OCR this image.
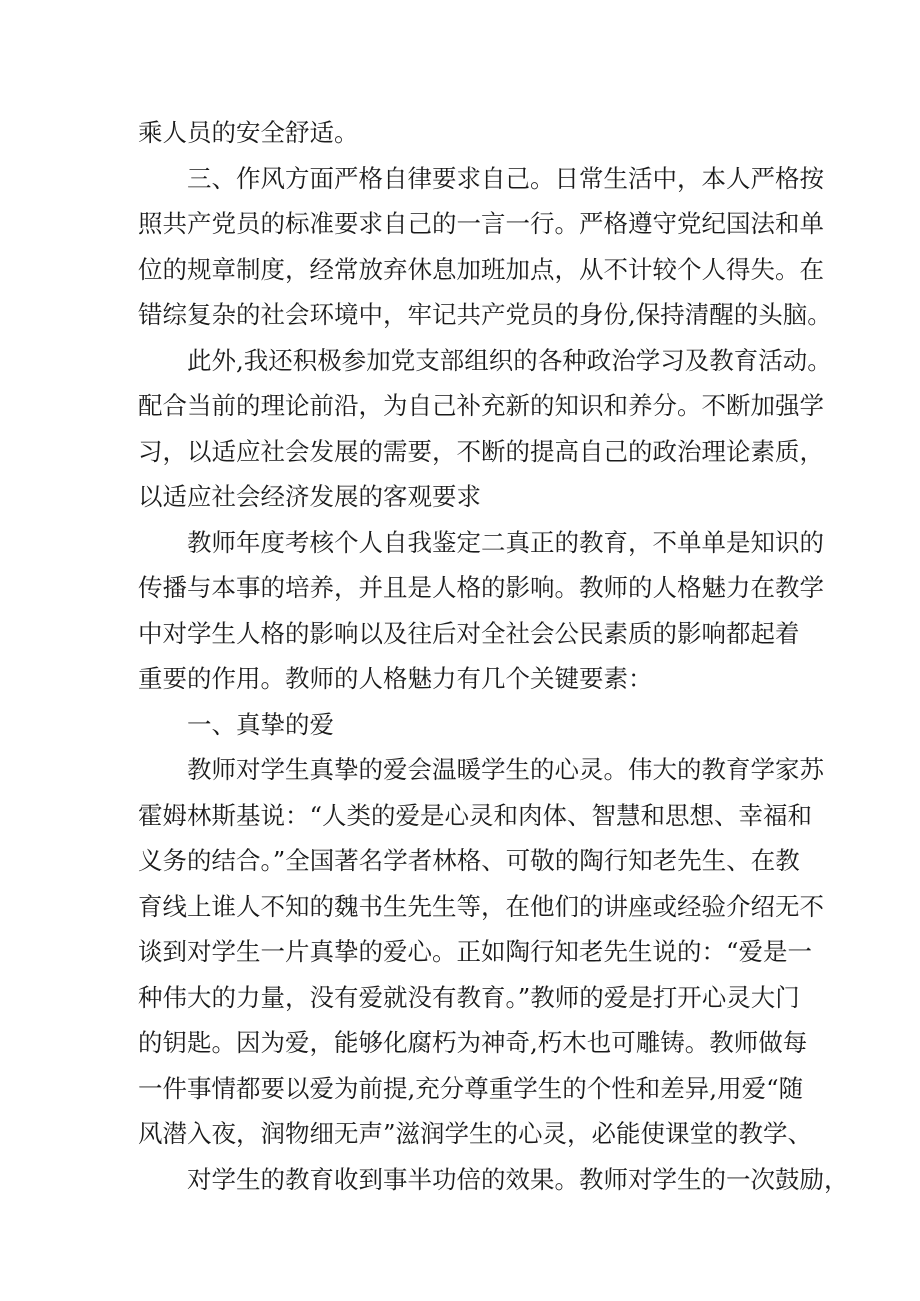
乘人员的安全舒适。
三、作风方面严格自律要求自己。日常生活中，本人严格按
照共产党员的标准要求自己的一言一行。严格遵守党纪国法和单
位的规章制度，经常放弃休息加班加点，从不计较个人得失。在
错综复杂的社会环境中，牢记共产党员的身份,保持清醒的头脑。
此外,我还积极参加党支部组织的各种政治学习及教育活动。
配合当前的理论前沿，为自己补充新的知识和养分。不断加强学
习，以适应社会发展的需要，不断的提高自己的政治理论素质，
以适应社会经济发展的客观要求
教师年度考核个人自我鉴定二真正的教育，不单单是知识的
传播与本事的培养，并且是人格的影响。教师的人格魅力在教学
中对学生人格的影响以及往后对全社会公民素质的影响都起着
重要的作用。教师的人格魅力有几个关键要素：
一、真挚的爱
教师对学生真挚的爱会温暖学生的心灵。伟大的教育学家苏
霍姆林斯基说：“人类的爱是心灵和肉体、智慧和思想、幸福和
义务的结合。”全国著名学者林格、可敬的陶行知老先生、在教
育线上谁人不知的魏书生先生等，在他们的讲座或经验介绍无不
谈到对学生一片真挚的爱心。正如陶行知老先生说的：“爱是一
种伟大的力量，没有爱就没有教育。”教师的爱是打开心灵大门
的钥匙。因为爱，能够化腐朽为神奇,朽木也可雕铸。教师做每
一件事情都要以爱为前提,充分尊重学生的个性和差异,用爱“随
风潜入夜，润物细无声”滋润学生的心灵，必能使课堂的教学、
对学生的教育收到事半功倍的效果。教师对学生的一次鼓励，
